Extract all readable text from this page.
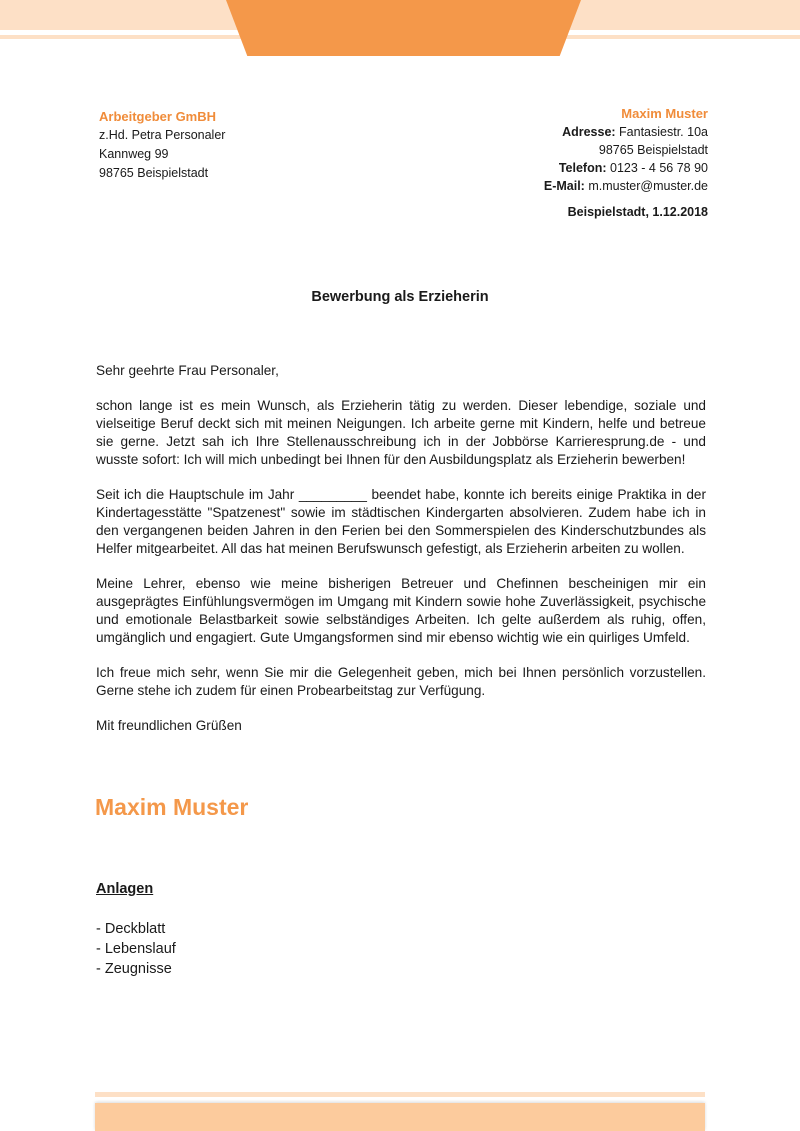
Arbeitgeber GmBH
z.Hd. Petra Personaler
Kannweg 99
98765 Beispielstadt
Maxim Muster
Adresse: Fantasiestr. 10a
98765 Beispielstadt
Telefon: 0123 - 4 56 78 90
E-Mail: m.muster@muster.de
Beispielstadt, 1.12.2018
Bewerbung als Erzieherin

Sehr geehrte Frau Personaler,

schon lange ist es mein Wunsch, als Erzieherin tätig zu werden. Dieser lebendige, soziale und vielseitige Beruf deckt sich mit meinen Neigungen. Ich arbeite gerne mit Kindern, helfe und betreue sie gerne. Jetzt sah ich Ihre Stellenausschreibung ich in der Jobbörse Karrieresprung.de - und wusste sofort: Ich will mich unbedingt bei Ihnen für den Ausbildungsplatz als Erzieherin bewerben!

Seit ich die Hauptschule im Jahr _________ beendet habe, konnte ich bereits einige Praktika in der Kindertagesstätte "Spatzenest" sowie im städtischen Kindergarten absolvieren. Zudem habe ich in den vergangenen beiden Jahren in den Ferien bei den Sommerspielen des Kinderschutzbundes als Helfer mitgearbeitet. All das hat meinen Berufswunsch gefestigt, als Erzieherin arbeiten zu wollen.

Meine Lehrer, ebenso wie meine bisherigen Betreuer und Chefinnen bescheinigen mir ein ausgeprägtes Einfühlungsvermögen im Umgang mit Kindern sowie hohe Zuverlässigkeit, psychische und emotionale Belastbarkeit sowie selbständiges Arbeiten. Ich gelte außerdem als ruhig, offen, umgänglich und engagiert. Gute Umgangsformen sind mir ebenso wichtig wie ein quirliges Umfeld.

Ich freue mich sehr, wenn Sie mir die Gelegenheit geben, mich bei Ihnen persönlich vorzustellen. Gerne stehe ich zudem für einen Probearbeitstag zur Verfügung.

Mit freundlichen Grüßen

Maxim Muster
Anlagen
- Deckblatt
- Lebenslauf
- Zeugnisse
